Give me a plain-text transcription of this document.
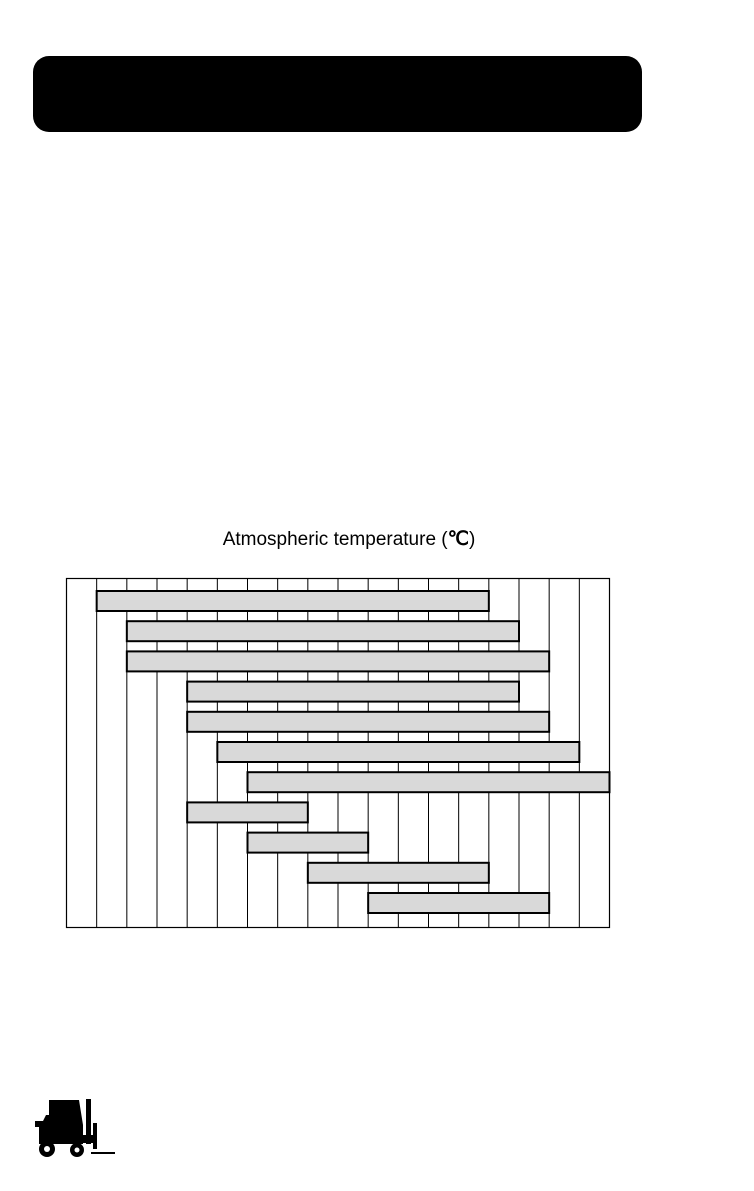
Atmospheric temperature (℃)
